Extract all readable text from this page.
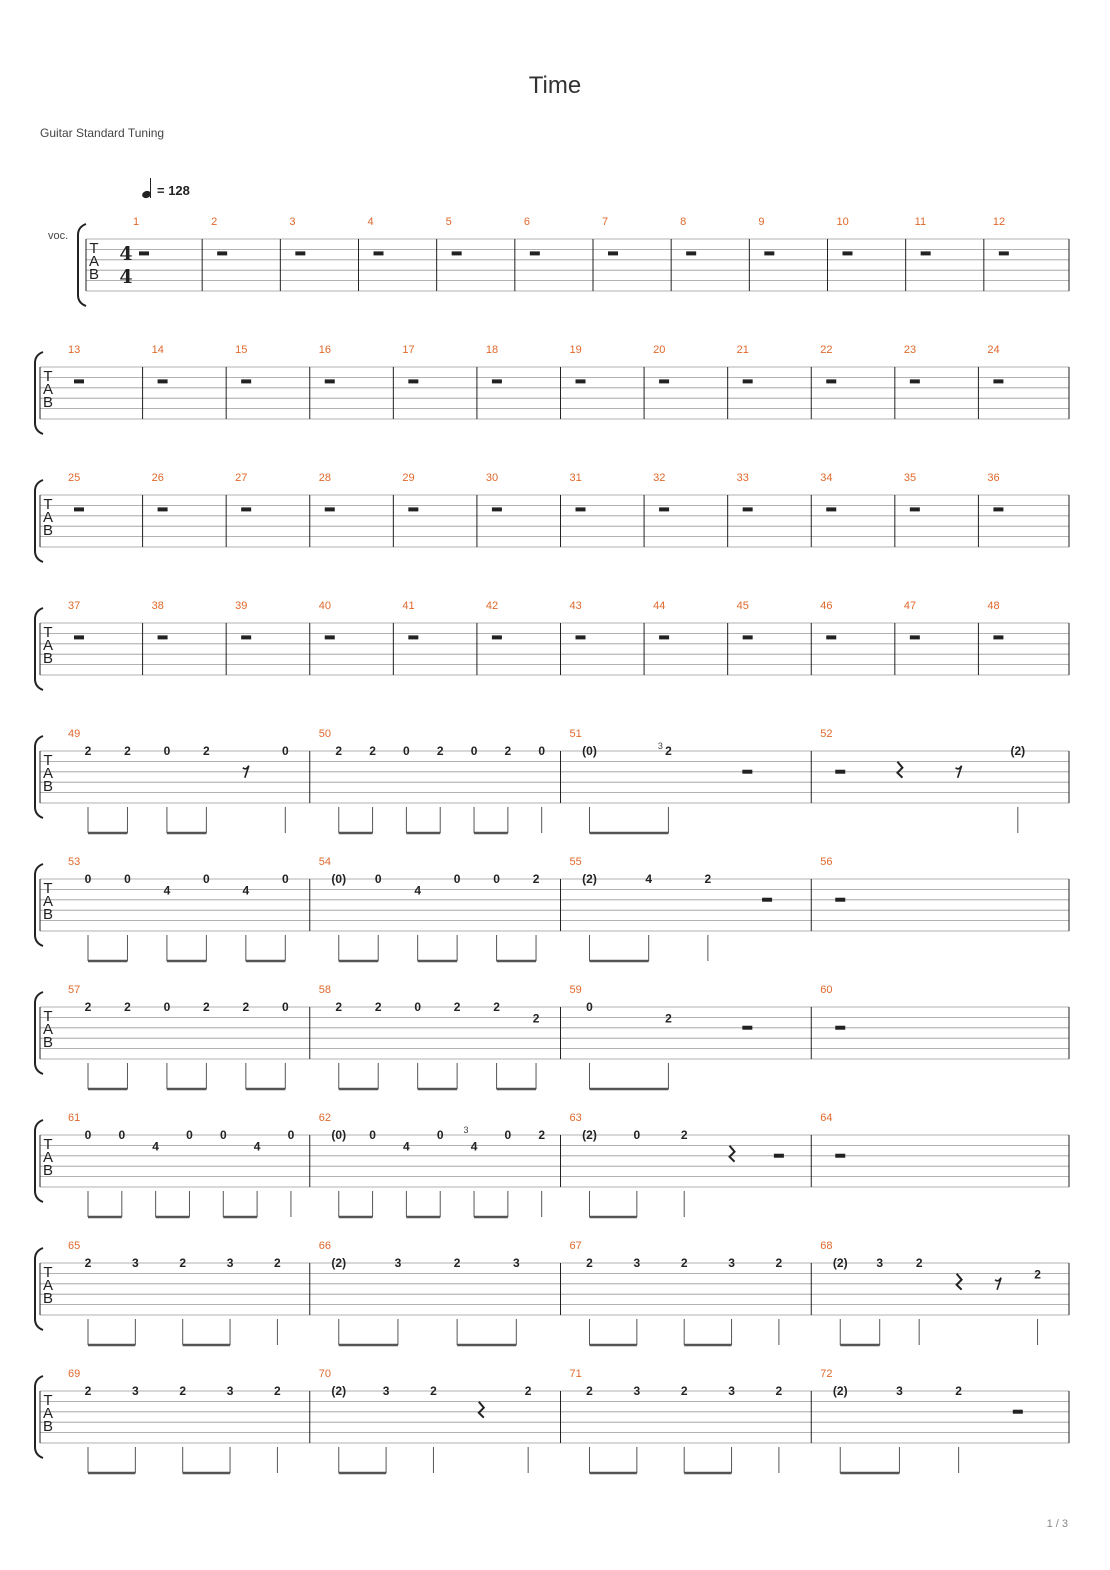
Time
Guitar Standard Tuning
= 128
voc.
1 / 3
T
A
B
4
4
1	2	3	4	5	6	7	8	9	10	11	12
T
A
B
13	14	15	16	17	18	19	20	21	22	23	24
T
A
B
25	26	27	28	29	30	31	32	33	34	35	36
T
A
B
37	38	39	40	41	42	43	44	45	46	47	48
T
A
B
49
2	2	0	2	0
50
2 2 0 2 0 2 0
51
(0)	2
3
52
(2)
T
A
B
53
0	0
4
0
4
0
54
(0) 0
4
0	0	2
55
(2)	4	2
56
T
A
B
57
2	2	0	2	2	0
58
2	2	0	2	2
2
59
0
2
60
T
A
B
61
0 0
4
0 0
4
0
62
(0) 0
4
0
4
3	0 2
63
(2)	0	2
64
T
A
B
65
2	3	2	3	2
66
(2)	3	2	3
67
2	3	2	3	2
68
(2) 3	2
2
T
A
B
69
2	3	2	3	2
70
(2)	3	2	2
71
2	3	2	3	2
72
(2)	3	2
